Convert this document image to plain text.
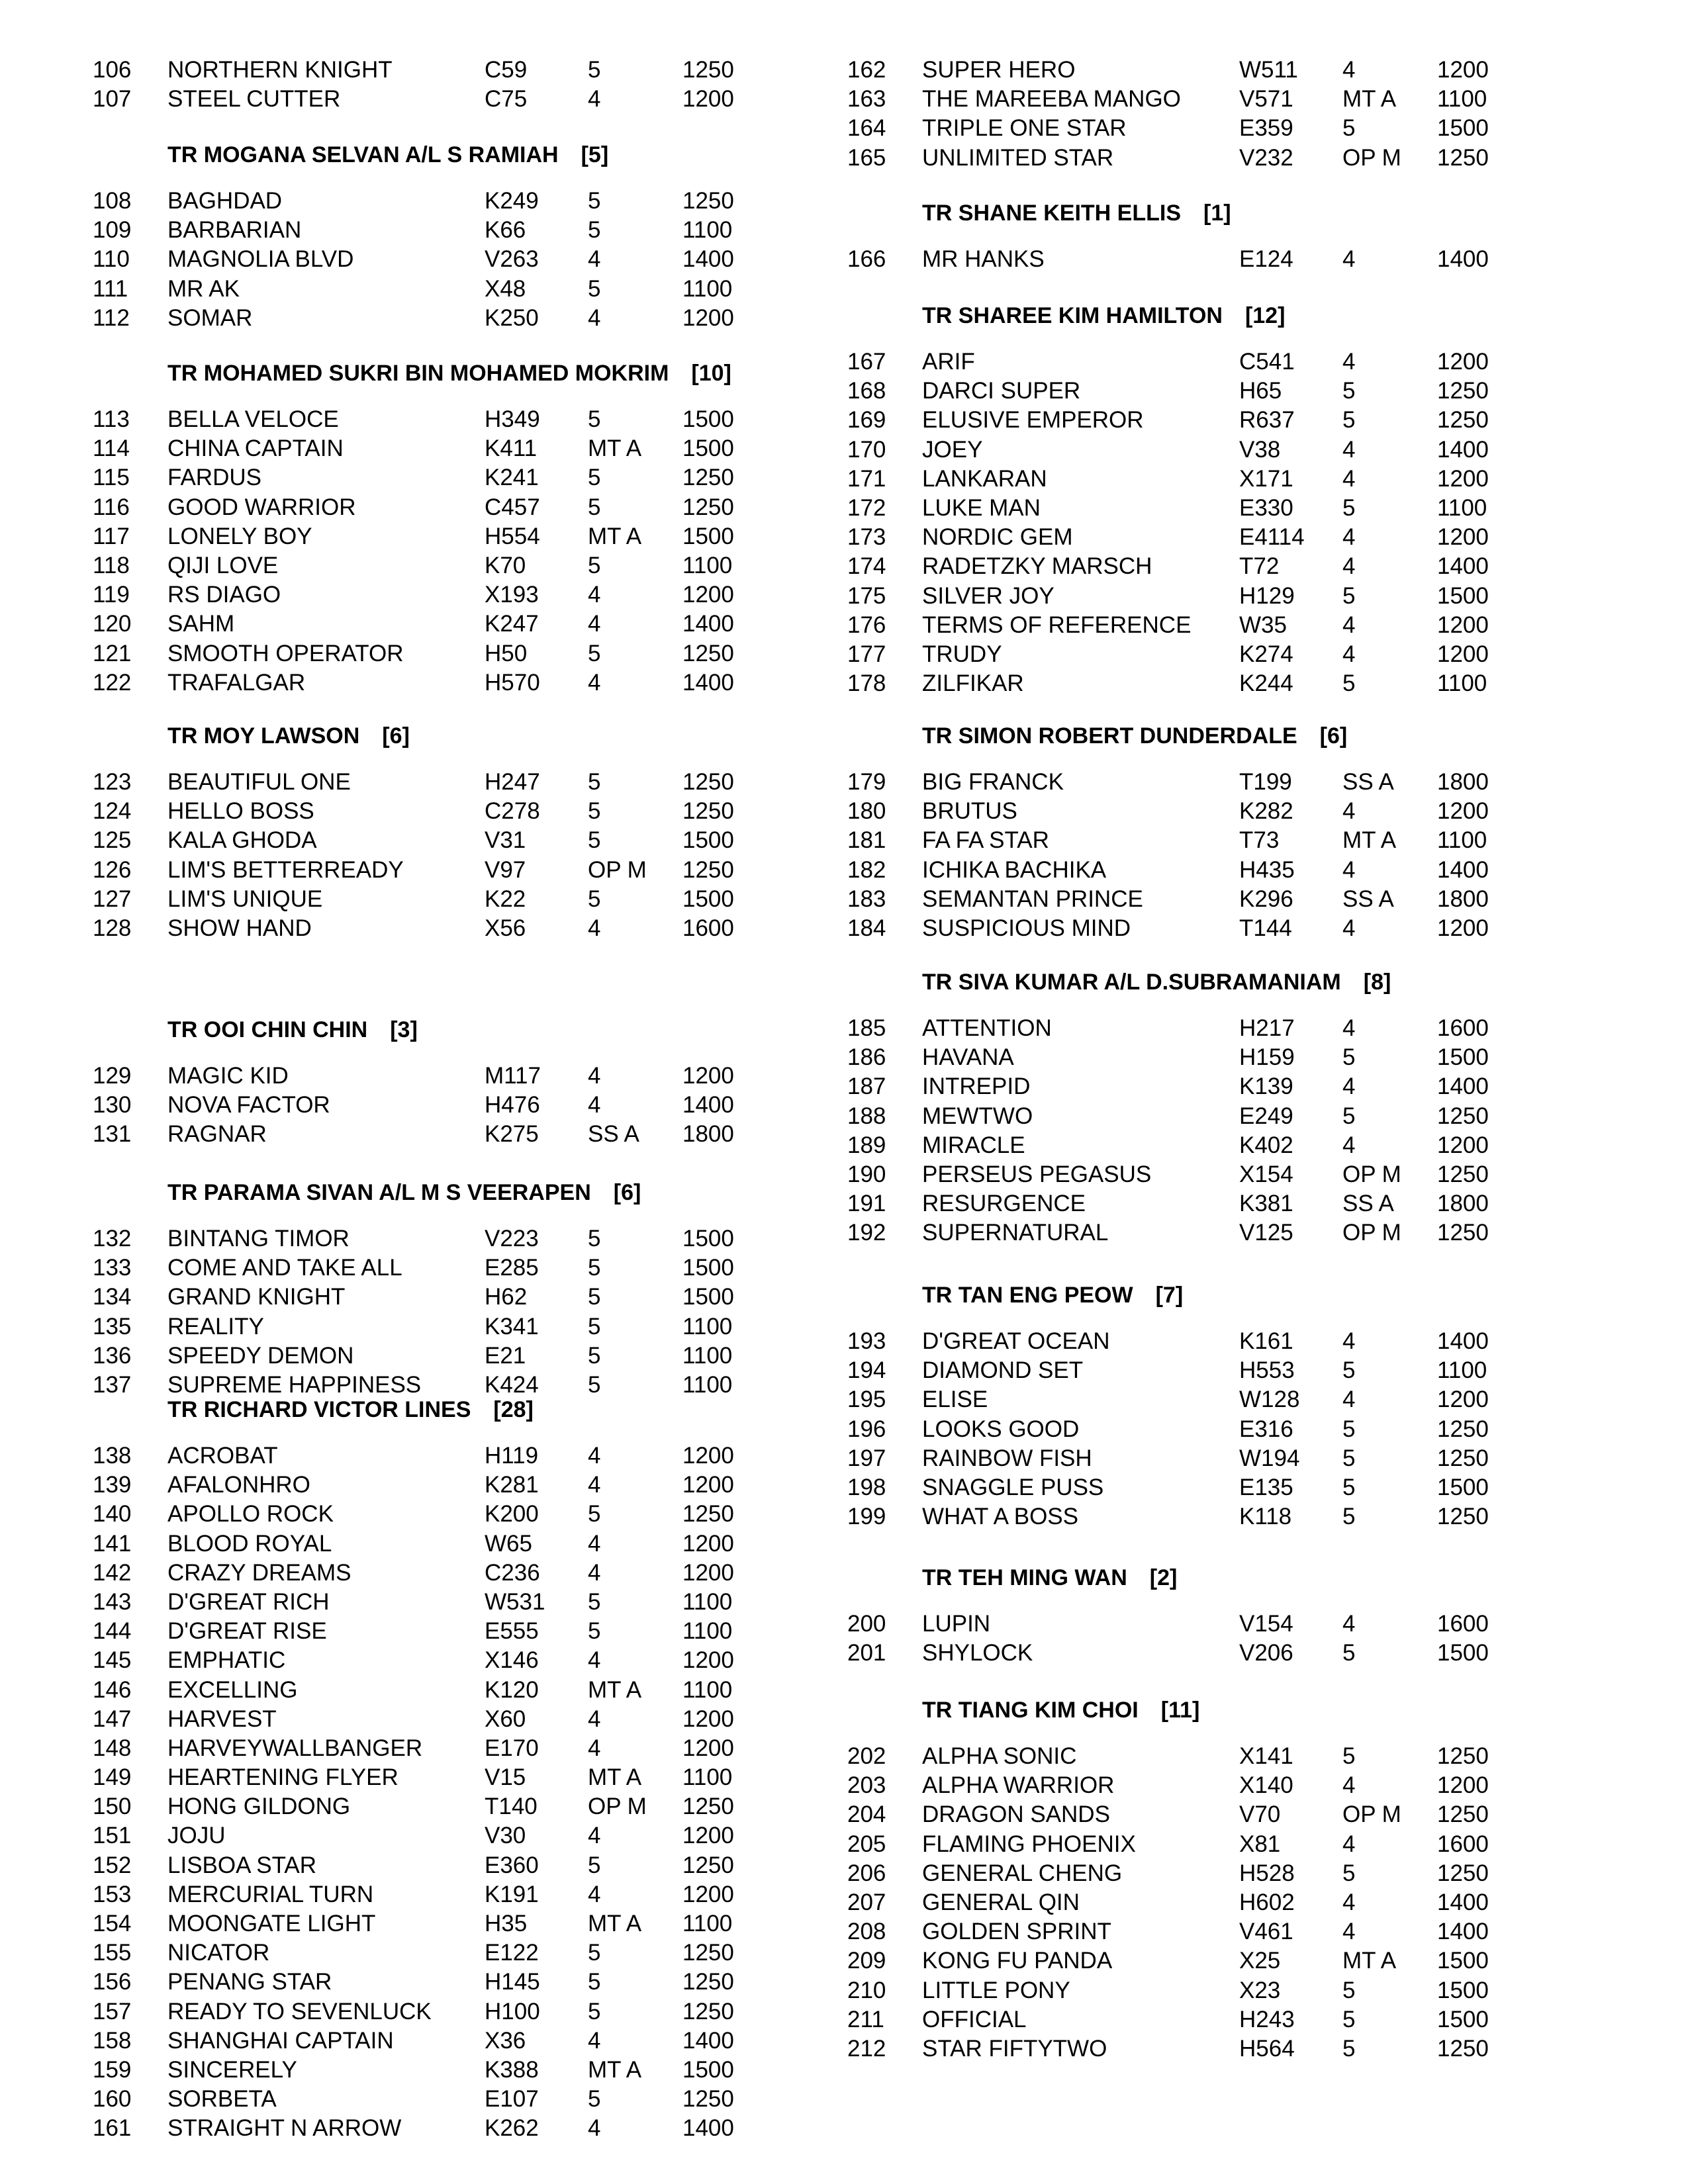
106 NORTHERN KNIGHT	C59	5	1250
107 STEEL CUTTER	C75	4	1200
TR MOGANA SELVAN A/L S RAMIAH [5]
108 BAGHDAD	K249 5	1250
109 BARBARIAN	K66	5	1100
110 MAGNOLIA BLVD	V263 4	1400
111 MR AK	X48	5	1100
112 SOMAR	K250 4	1200
TR MOHAMED SUKRI BIN MOHAMED MOKRIM [10]
113 BELLA VELOCE	H349 5	1500
114 CHINA CAPTAIN	K411 MT A 1500
115 FARDUS	K241 5	1250
116 GOOD WARRIOR	C457 5	1250
117 LONELY BOY	H554 MT A 1500
118 QIJI LOVE	K70	5	1100
119 RS DIAGO	X193 4	1200
120 SAHM	K247 4	1400
121 SMOOTH OPERATOR	H50	5	1250
122 TRAFALGAR	H570 4	1400
TR MOY LAWSON [6]
123 BEAUTIFUL ONE	H247 5	1250
124 HELLO BOSS	C278 5	1250
125 KALA GHODA	V31	5	1500
126 LIM'S BETTERREADY	V97	OP M 1250
127 LIM'S UNIQUE	K22	5	1500
128 SHOW HAND	X56	4	1600
TR OOI CHIN CHIN [3]
129 MAGIC KID	M117 4	1200
130 NOVA FACTOR	H476 4	1400
131 RAGNAR	K275 SS A 1800
TR PARAMA SIVAN A/L M S VEERAPEN [6]
132 BINTANG TIMOR	V223 5	1500
133 COME AND TAKE ALL	E285 5	1500
134 GRAND KNIGHT	H62	5	1500
135 REALITY	K341 5	1100
136 SPEEDY DEMON	E21	5	1100
137 SUPREME HAPPINESS	K424 5	1100
TR RICHARD VICTOR LINES [28]
138 ACROBAT	H119 4	1200
139 AFALONHRO	K281 4	1200
140 APOLLO ROCK	K200 5	1250
141 BLOOD ROYAL	W65 4	1200
142 CRAZY DREAMS	C236 4	1200
143 D'GREAT RICH	W531 5	1100
144 D'GREAT RISE	E555 5	1100
145 EMPHATIC	X146 4	1200
146 EXCELLING	K120 MT A 1100
147 HARVEST	X60	4	1200
148 HARVEYWALLBANGER	E170 4	1200
149 HEARTENING FLYER	V15	MT A 1100
150 HONG GILDONG	T140 OP M 1250
151 JOJU	V30	4	1200
152 LISBOA STAR	E360 5	1250
153 MERCURIAL TURN	K191 4	1200
154 MOONGATE LIGHT	H35	MT A 1100
155 NICATOR	E122 5	1250
156 PENANG STAR	H145 5	1250
157 READY TO SEVENLUCK H100 5	1250
158 SHANGHAI CAPTAIN	X36	4	1400
159 SINCERELY	K388 MT A 1500
160 SORBETA	E107 5	1250
161 STRAIGHT N ARROW	K262 4	1400
162 SUPER HERO	W511 4	1200
163 THE MAREEBA MANGO	V571 MT A 1100
164 TRIPLE ONE STAR	E359 5	1500
165 UNLIMITED STAR	V232 OP M 1250
TR SHANE KEITH ELLIS [1]
166 MR HANKS	E124 4	1400
TR SHAREE KIM HAMILTON [12]
167 ARIF	C541 4	1200
168 DARCI SUPER	H65	5	1250
169 ELUSIVE EMPEROR	R637 5	1250
170 JOEY	V38	4	1400
171 LANKARAN	X171 4	1200
172 LUKE MAN	E330 5	1100
173 NORDIC GEM	E4114 4	1200
174 RADETZKY MARSCH	T72	4	1400
175 SILVER JOY	H129 5	1500
176 TERMS OF REFERENCE W35 4	1200
177 TRUDY	K274 4	1200
178 ZILFIKAR	K244 5	1100
TR SIMON ROBERT DUNDERDALE [6]
179 BIG FRANCK	T199 SS A 1800
180 BRUTUS	K282 4	1200
181 FA FA STAR	T73	MT A 1100
182 ICHIKA BACHIKA	H435 4	1400
183 SEMANTAN PRINCE	K296 SS A 1800
184 SUSPICIOUS MIND	T144 4	1200
TR SIVA KUMAR A/L D.SUBRAMANIAM [8]
185 ATTENTION	H217 4	1600
186 HAVANA	H159 5	1500
187 INTREPID	K139 4	1400
188 MEWTWO	E249 5	1250
189 MIRACLE	K402 4	1200
190 PERSEUS PEGASUS	X154 OP M 1250
191 RESURGENCE	K381 SS A 1800
192 SUPERNATURAL	V125 OP M 1250
TR TAN ENG PEOW [7]
193 D'GREAT OCEAN	K161 4	1400
194 DIAMOND SET	H553 5	1100
195 ELISE	W128 4	1200
196 LOOKS GOOD	E316 5	1250
197 RAINBOW FISH	W194 5	1250
198 SNAGGLE PUSS	E135 5	1500
199 WHAT A BOSS	K118 5	1250
TR TEH MING WAN [2]
200 LUPIN	V154 4	1600
201 SHYLOCK	V206 5	1500
TR TIANG KIM CHOI [11]
202 ALPHA SONIC	X141 5	1250
203 ALPHA WARRIOR	X140 4	1200
204 DRAGON SANDS	V70	OP M 1250
205 FLAMING PHOENIX	X81	4	1600
206 GENERAL CHENG	H528 5	1250
207 GENERAL QIN	H602 4	1400
208 GOLDEN SPRINT	V461 4	1400
209 KONG FU PANDA	X25	MT A 1500
210 LITTLE PONY	X23	5	1500
211 OFFICIAL	H243 5	1500
212 STAR FIFTYTWO	H564 5	1250
